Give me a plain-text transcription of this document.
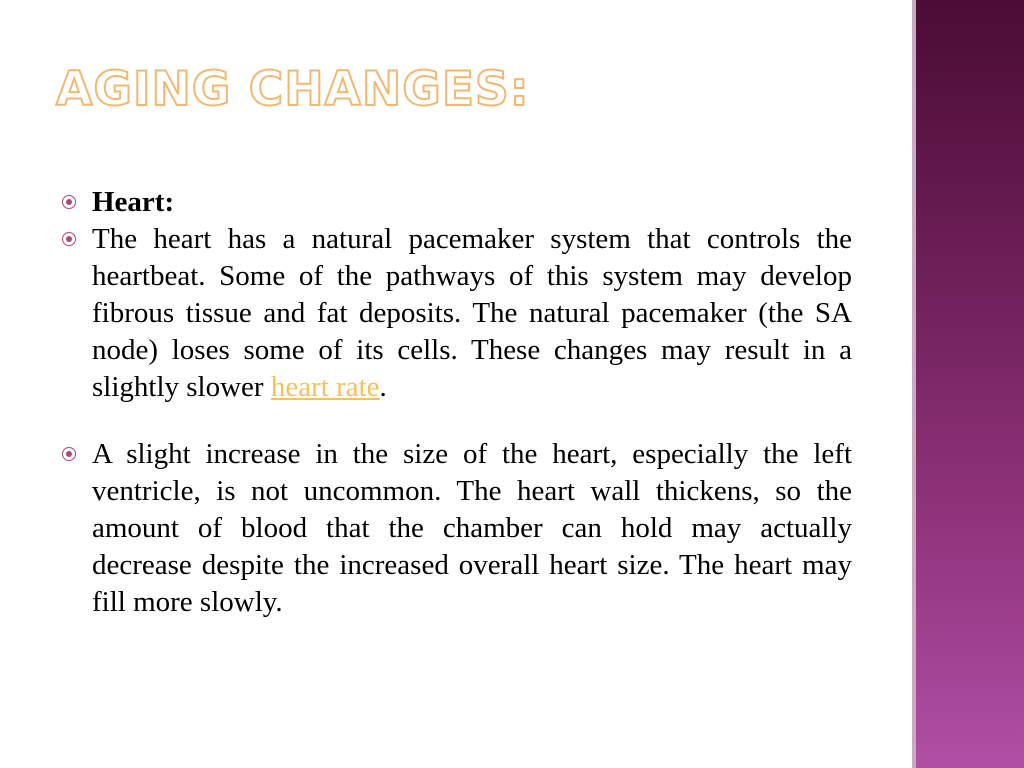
AGING CHANGES:
Heart:
The heart has a natural pacemaker system that controls the heartbeat. Some of the pathways of this system may develop fibrous tissue and fat deposits. The natural pacemaker (the SA node) loses some of its cells. These changes may result in a slightly slower heart rate.
A slight increase in the size of the heart, especially the left ventricle, is not uncommon. The heart wall thickens, so the amount of blood that the chamber can hold may actually decrease despite the increased overall heart size. The heart may fill more slowly.
